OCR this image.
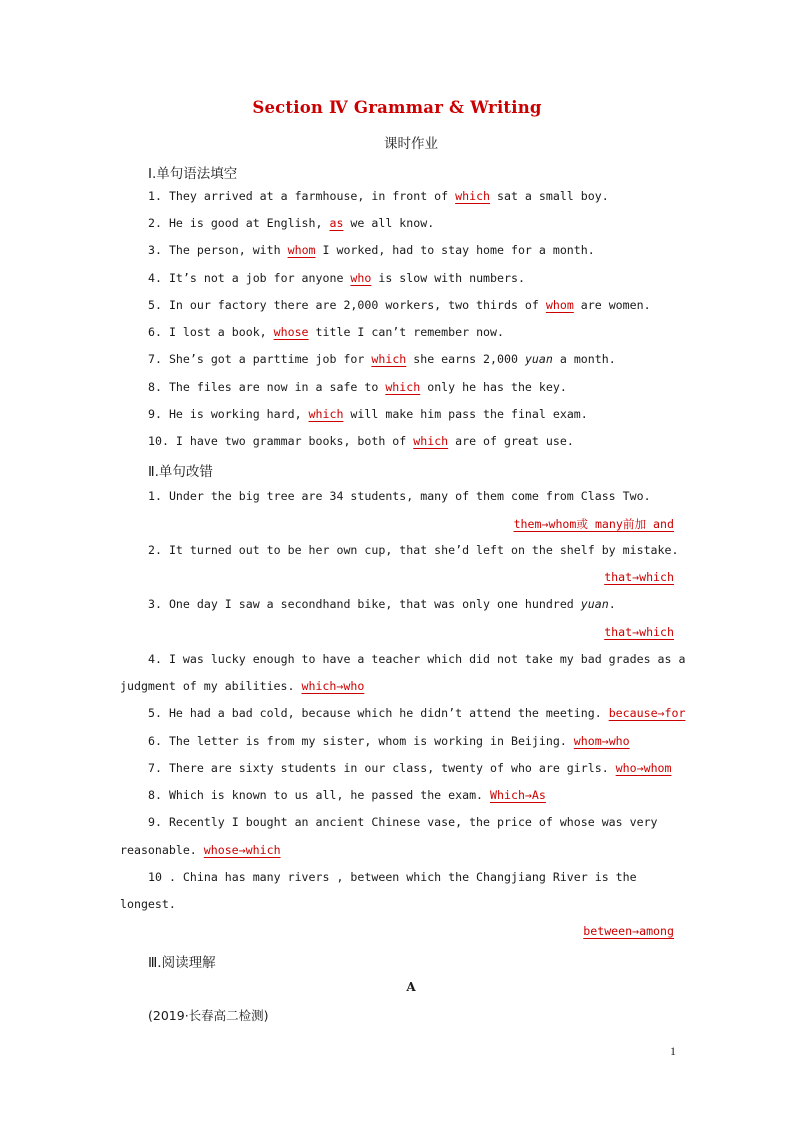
Section Ⅳ Grammar & Writing
课时作业
Ⅰ.单句语法填空
1. They arrived at a farmhouse, in front of which sat a small boy.
2. He is good at English, as we all know.
3. The person, with whom I worked, had to stay home for a month.
4. It’s not a job for anyone who is slow with numbers.
5. In our factory there are 2,000 workers, two thirds of whom are women.
6. I lost a book, whose title I can’t remember now.
7. She’s got a parttime job for which she earns 2,000 yuan a month.
8. The files are now in a safe to which only he has the key.
9. He is working hard, which will make him pass the final exam.
10. I have two grammar books, both of which are of great use.
Ⅱ.单句改错
1. Under the big tree are 34 students, many of them come from Class Two.
them→whom或 many前加 and
2. It turned out to be her own cup, that she’d left on the shelf by mistake.
that→which
3. One day I saw a secondhand bike, that was only one hundred yuan.
that→which
4. I was lucky enough to have a teacher which did not take my bad grades as a
judgment of my abilities. which→who
5. He had a bad cold, because which he didn’t attend the meeting. because→for
6. The letter is from my sister, whom is working in Beijing. whom→who
7. There are sixty students in our class, twenty of who are girls. who→whom
8. Which is known to us all, he passed the exam. Which→As
9. Recently I bought an ancient Chinese vase, the price of whose was very
reasonable. whose→which
10 . China has many rivers , between which the Changjiang River is the
longest.
between→among
Ⅲ.阅读理解
A
(2019·长春高二检测)
1
